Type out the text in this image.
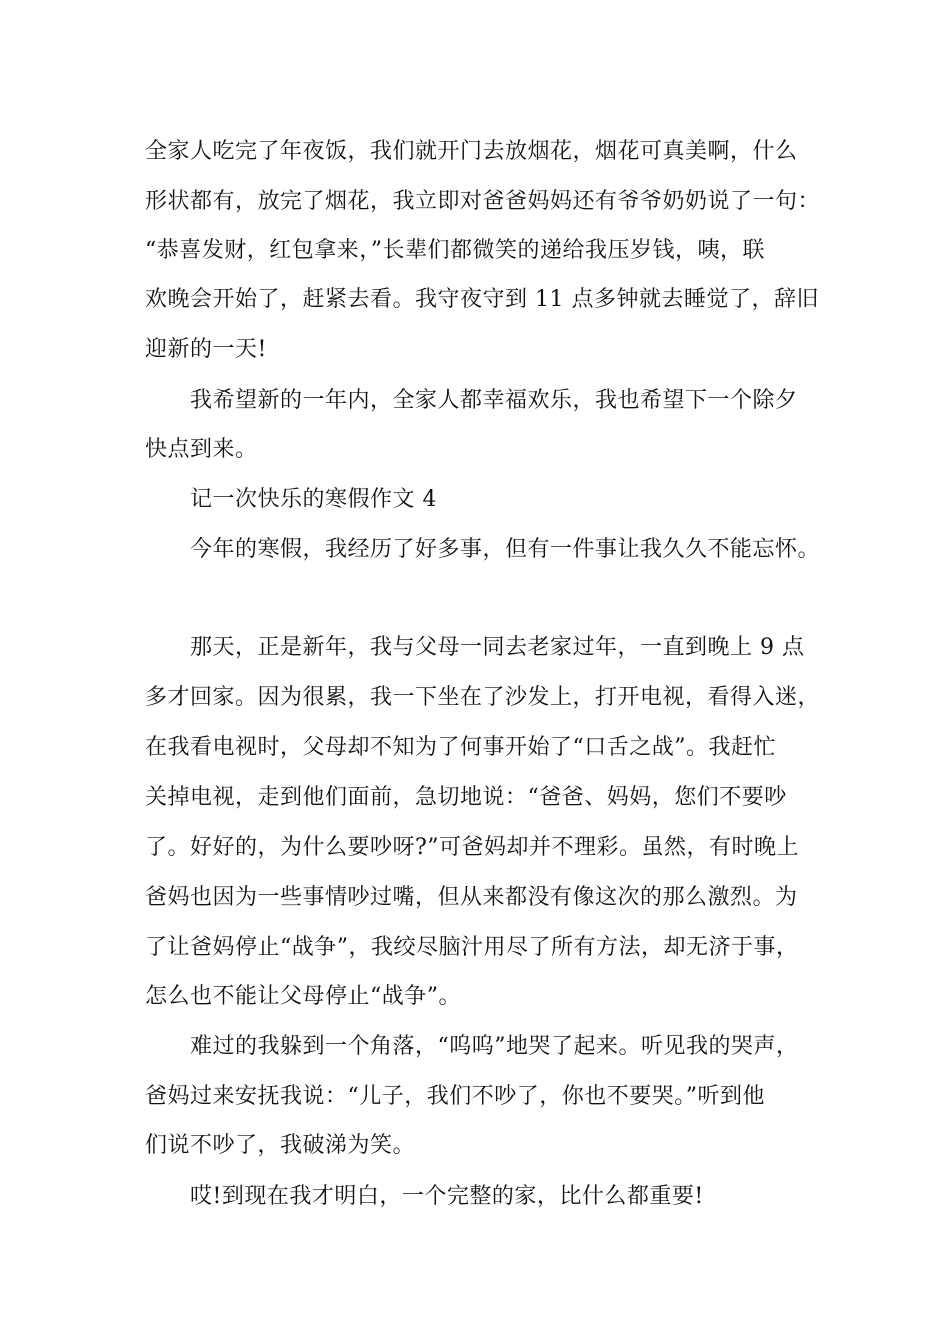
全家人吃完了年夜饭，我们就开门去放烟花，烟花可真美啊，什么
形状都有，放完了烟花，我立即对爸爸妈妈还有爷爷奶奶说了一句：
“恭喜发财，红包拿来，”长辈们都微笑的递给我压岁钱，咦，联
欢晚会开始了，赶紧去看。我守夜守到 11 点多钟就去睡觉了，辞旧
迎新的一天!
我希望新的一年内，全家人都幸福欢乐，我也希望下一个除夕
快点到来。
记一次快乐的寒假作文 4
今年的寒假，我经历了好多事，但有一件事让我久久不能忘怀。
那天，正是新年，我与父母一同去老家过年，一直到晚上 9 点
多才回家。因为很累，我一下坐在了沙发上，打开电视，看得入迷，
在我看电视时，父母却不知为了何事开始了“口舌之战”。我赶忙
关掉电视，走到他们面前，急切地说：“爸爸、妈妈，您们不要吵
了。好好的，为什么要吵呀?”可爸妈却并不理彩。虽然，有时晚上
爸妈也因为一些事情吵过嘴，但从来都没有像这次的那么激烈。为
了让爸妈停止“战争”，我绞尽脑汁用尽了所有方法，却无济于事，
怎么也不能让父母停止“战争”。
难过的我躲到一个角落，“呜呜”地哭了起来。听见我的哭声，
爸妈过来安抚我说：“儿子，我们不吵了，你也不要哭。”听到他
们说不吵了，我破涕为笑。
哎!到现在我才明白，一个完整的家，比什么都重要!
